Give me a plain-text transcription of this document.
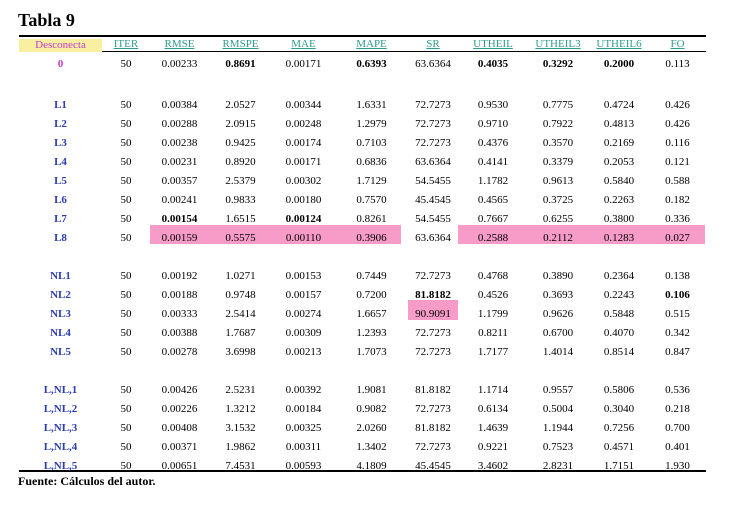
Tabla 9
Desconecta	ITER	RMSE	RMSPE	MAE	MAPE	SR	UTHEIL	UTHEIL3	UTHEIL6	FO
0	50	0.00233	0.8691	0.00171	0.6393	63.6364	0.4035	0.3292	0.2000	0.113
L1	50	0.00384	2.0527	0.00344	1.6331	72.7273	0.9530	0.7775	0.4724	0.426
L2	50	0.00288	2.0915	0.00248	1.2979	72.7273	0.9710	0.7922	0.4813	0.426
L3	50	0.00238	0.9425	0.00174	0.7103	72.7273	0.4376	0.3570	0.2169	0.116
L4	50	0.00231	0.8920	0.00171	0.6836	63.6364	0.4141	0.3379	0.2053	0.121
L5	50	0.00357	2.5379	0.00302	1.7129	54.5455	1.1782	0.9613	0.5840	0.588
L6	50	0.00241	0.9833	0.00180	0.7570	45.4545	0.4565	0.3725	0.2263	0.182
L7	50	0.00154	1.6515	0.00124	0.8261	54.5455	0.7667	0.6255	0.3800	0.336
L8	50	0.00159	0.5575	0.00110	0.3906	63.6364	0.2588	0.2112	0.1283	0.027
NL1	50	0.00192	1.0271	0.00153	0.7449	72.7273	0.4768	0.3890	0.2364	0.138
NL2	50	0.00188	0.9748	0.00157	0.7200	81.8182	0.4526	0.3693	0.2243	0.106
NL3	50	0.00333	2.5414	0.00274	1.6657	90.9091	1.1799	0.9626	0.5848	0.515
NL4	50	0.00388	1.7687	0.00309	1.2393	72.7273	0.8211	0.6700	0.4070	0.342
NL5	50	0.00278	3.6998	0.00213	1.7073	72.7273	1.7177	1.4014	0.8514	0.847
L,NL,1	50	0.00426	2.5231	0.00392	1.9081	81.8182	1.1714	0.9557	0.5806	0.536
L,NL,2	50	0.00226	1.3212	0.00184	0.9082	72.7273	0.6134	0.5004	0.3040	0.218
L,NL,3	50	0.00408	3.1532	0.00325	2.0260	81.8182	1.4639	1.1944	0.7256	0.700
L,NL,4	50	0.00371	1.9862	0.00311	1.3402	72.7273	0.9221	0.7523	0.4571	0.401
L,NL,5	50	0.00651	7.4531	0.00593	4.1809	45.4545	3.4602	2.8231	1.7151	1.930
Fuente: Cálculos del autor.
